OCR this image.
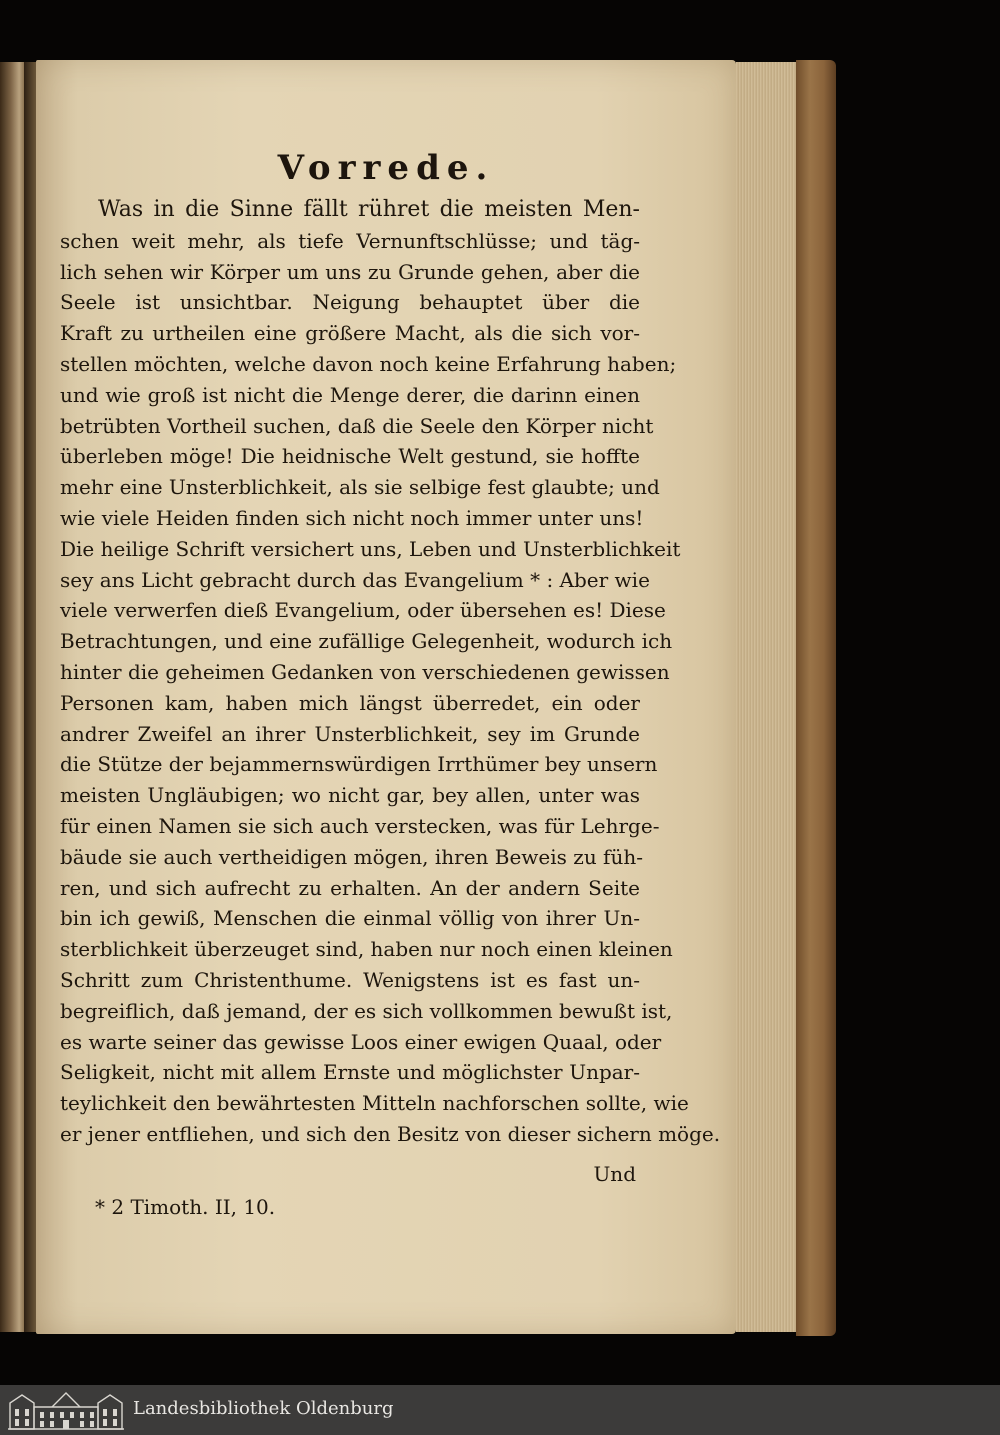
Vorrede.
Was in die Sinne fällt rühret die meisten Men-
schen weit mehr, als tiefe Vernunftschlüsse; und täg-
lich sehen wir Körper um uns zu Grunde gehen, aber die
Seele ist unsichtbar. Neigung behauptet über die
Kraft zu urtheilen eine größere Macht, als die sich vor-
stellen möchten, welche davon noch keine Erfahrung haben;
und wie groß ist nicht die Menge derer, die darinn einen
betrübten Vortheil suchen, daß die Seele den Körper nicht
überleben möge! Die heidnische Welt gestund, sie hoffte
mehr eine Unsterblichkeit, als sie selbige fest glaubte; und
wie viele Heiden finden sich nicht noch immer unter uns!
Die heilige Schrift versichert uns, Leben und Unsterblichkeit
sey ans Licht gebracht durch das Evangelium * : Aber wie
viele verwerfen dieß Evangelium, oder übersehen es! Diese
Betrachtungen, und eine zufällige Gelegenheit, wodurch ich
hinter die geheimen Gedanken von verschiedenen gewissen
Personen kam, haben mich längst überredet, ein oder
andrer Zweifel an ihrer Unsterblichkeit, sey im Grunde
die Stütze der bejammernswürdigen Irrthümer bey unsern
meisten Ungläubigen; wo nicht gar, bey allen, unter was
für einen Namen sie sich auch verstecken, was für Lehrge-
bäude sie auch vertheidigen mögen, ihren Beweis zu füh-
ren, und sich aufrecht zu erhalten. An der andern Seite
bin ich gewiß, Menschen die einmal völlig von ihrer Un-
sterblichkeit überzeuget sind, haben nur noch einen kleinen
Schritt zum Christenthume. Wenigstens ist es fast un-
begreiflich, daß jemand, der es sich vollkommen bewußt ist,
es warte seiner das gewisse Loos einer ewigen Quaal, oder
Seligkeit, nicht mit allem Ernste und möglichster Unpar-
teylichkeit den bewährtesten Mitteln nachforschen sollte, wie
er jener entfliehen, und sich den Besitz von dieser sichern möge.
Und
* 2 Timoth. II, 10.
Landesbibliothek Oldenburg
